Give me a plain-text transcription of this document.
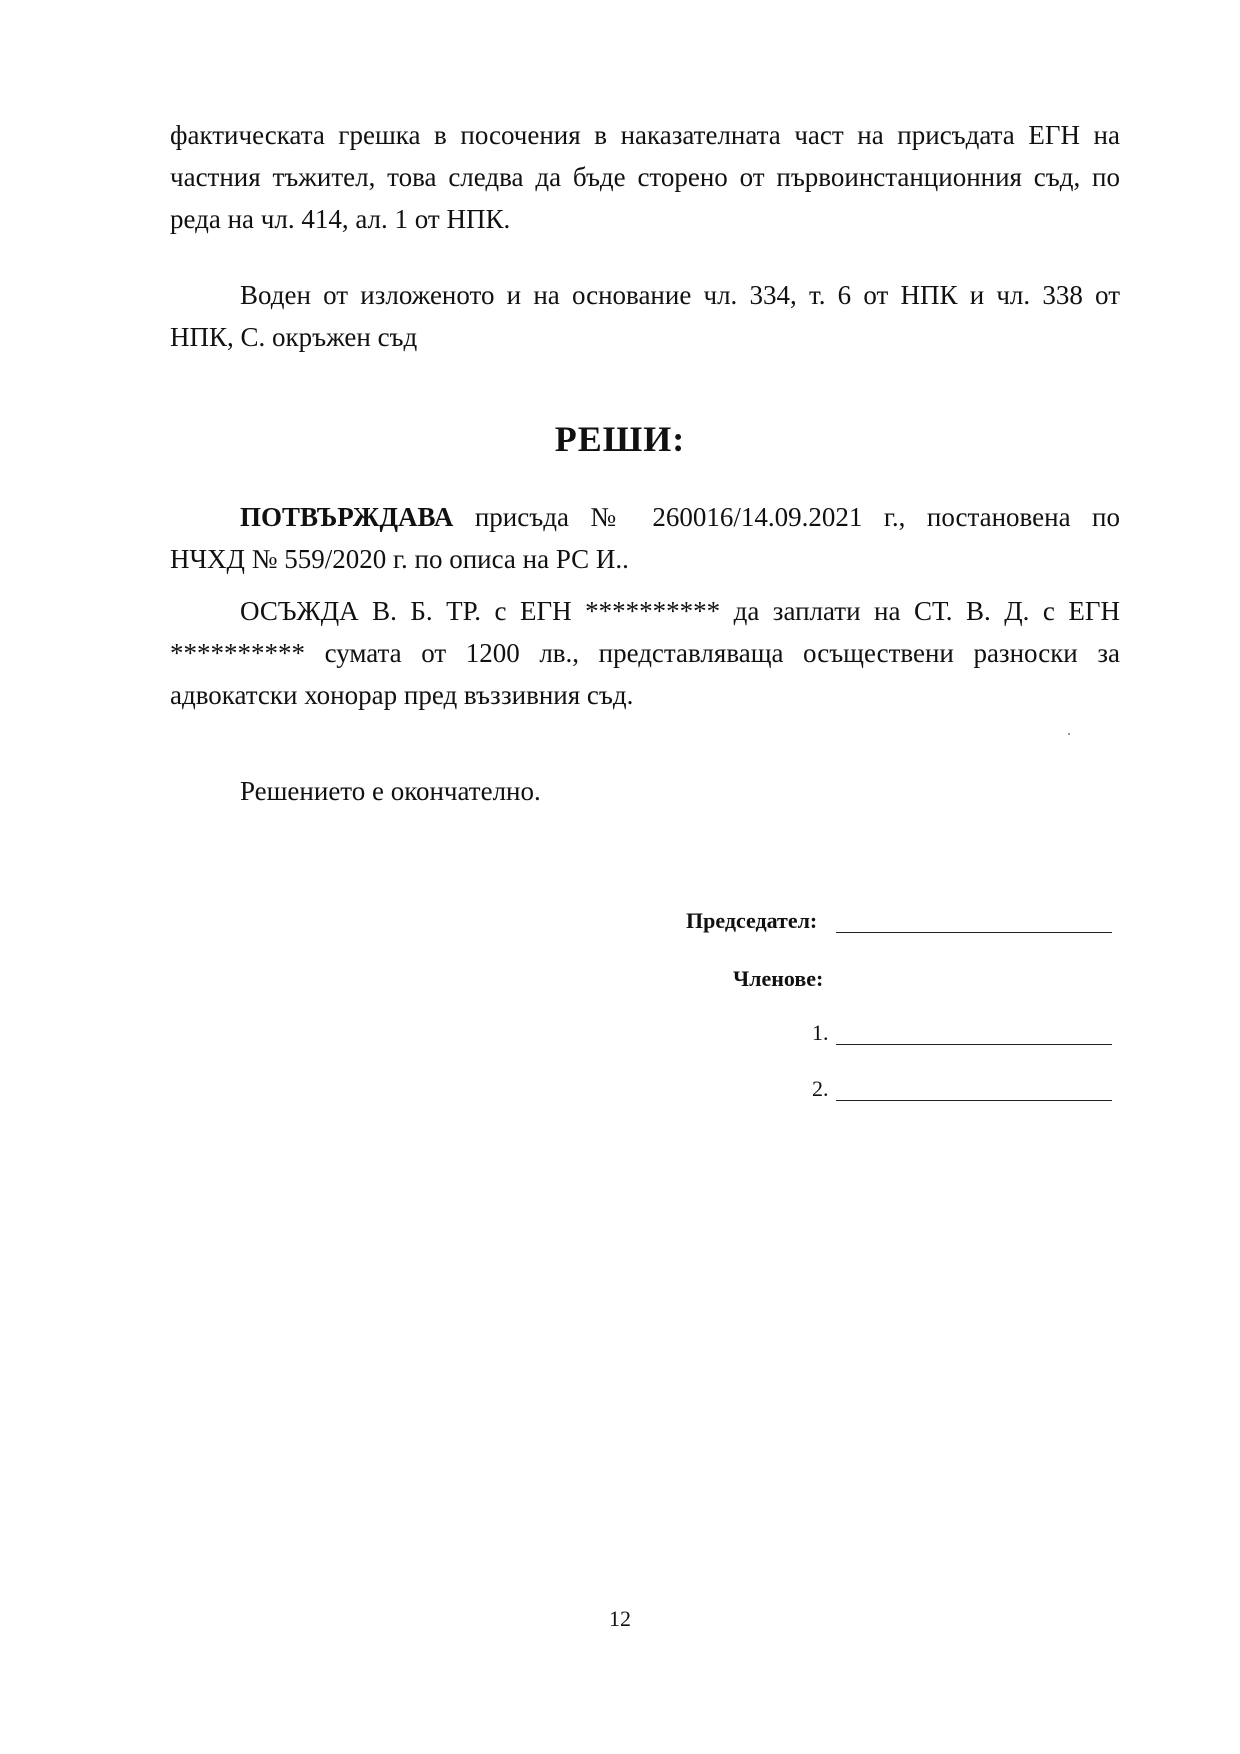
фактическата грешка в посочения в наказателната част на присъдата ЕГН на
частния тъжител, това следва да бъде сторено от първоинстанционния съд, по
реда на чл. 414, ал. 1 от НПК.
Воден от изложеното и на основание чл. 334, т. 6 от НПК и чл. 338 от
НПК, С. окръжен съд
РЕШИ:
ПОТВЪРЖДАВА присъда № 260016/14.09.2021 г., постановена по
НЧХД № 559/2020 г. по описа на РС И..
ОСЪЖДА В. Б. ТР. с ЕГН ********** да заплати на СТ. В. Д. с ЕГН
********** сумата от 1200 лв., представляваща осъществени разноски за
адвокатски хонорар пред въззивния съд.
Решението е окончателно.
Председател:
Членове:
1.
2.
12
